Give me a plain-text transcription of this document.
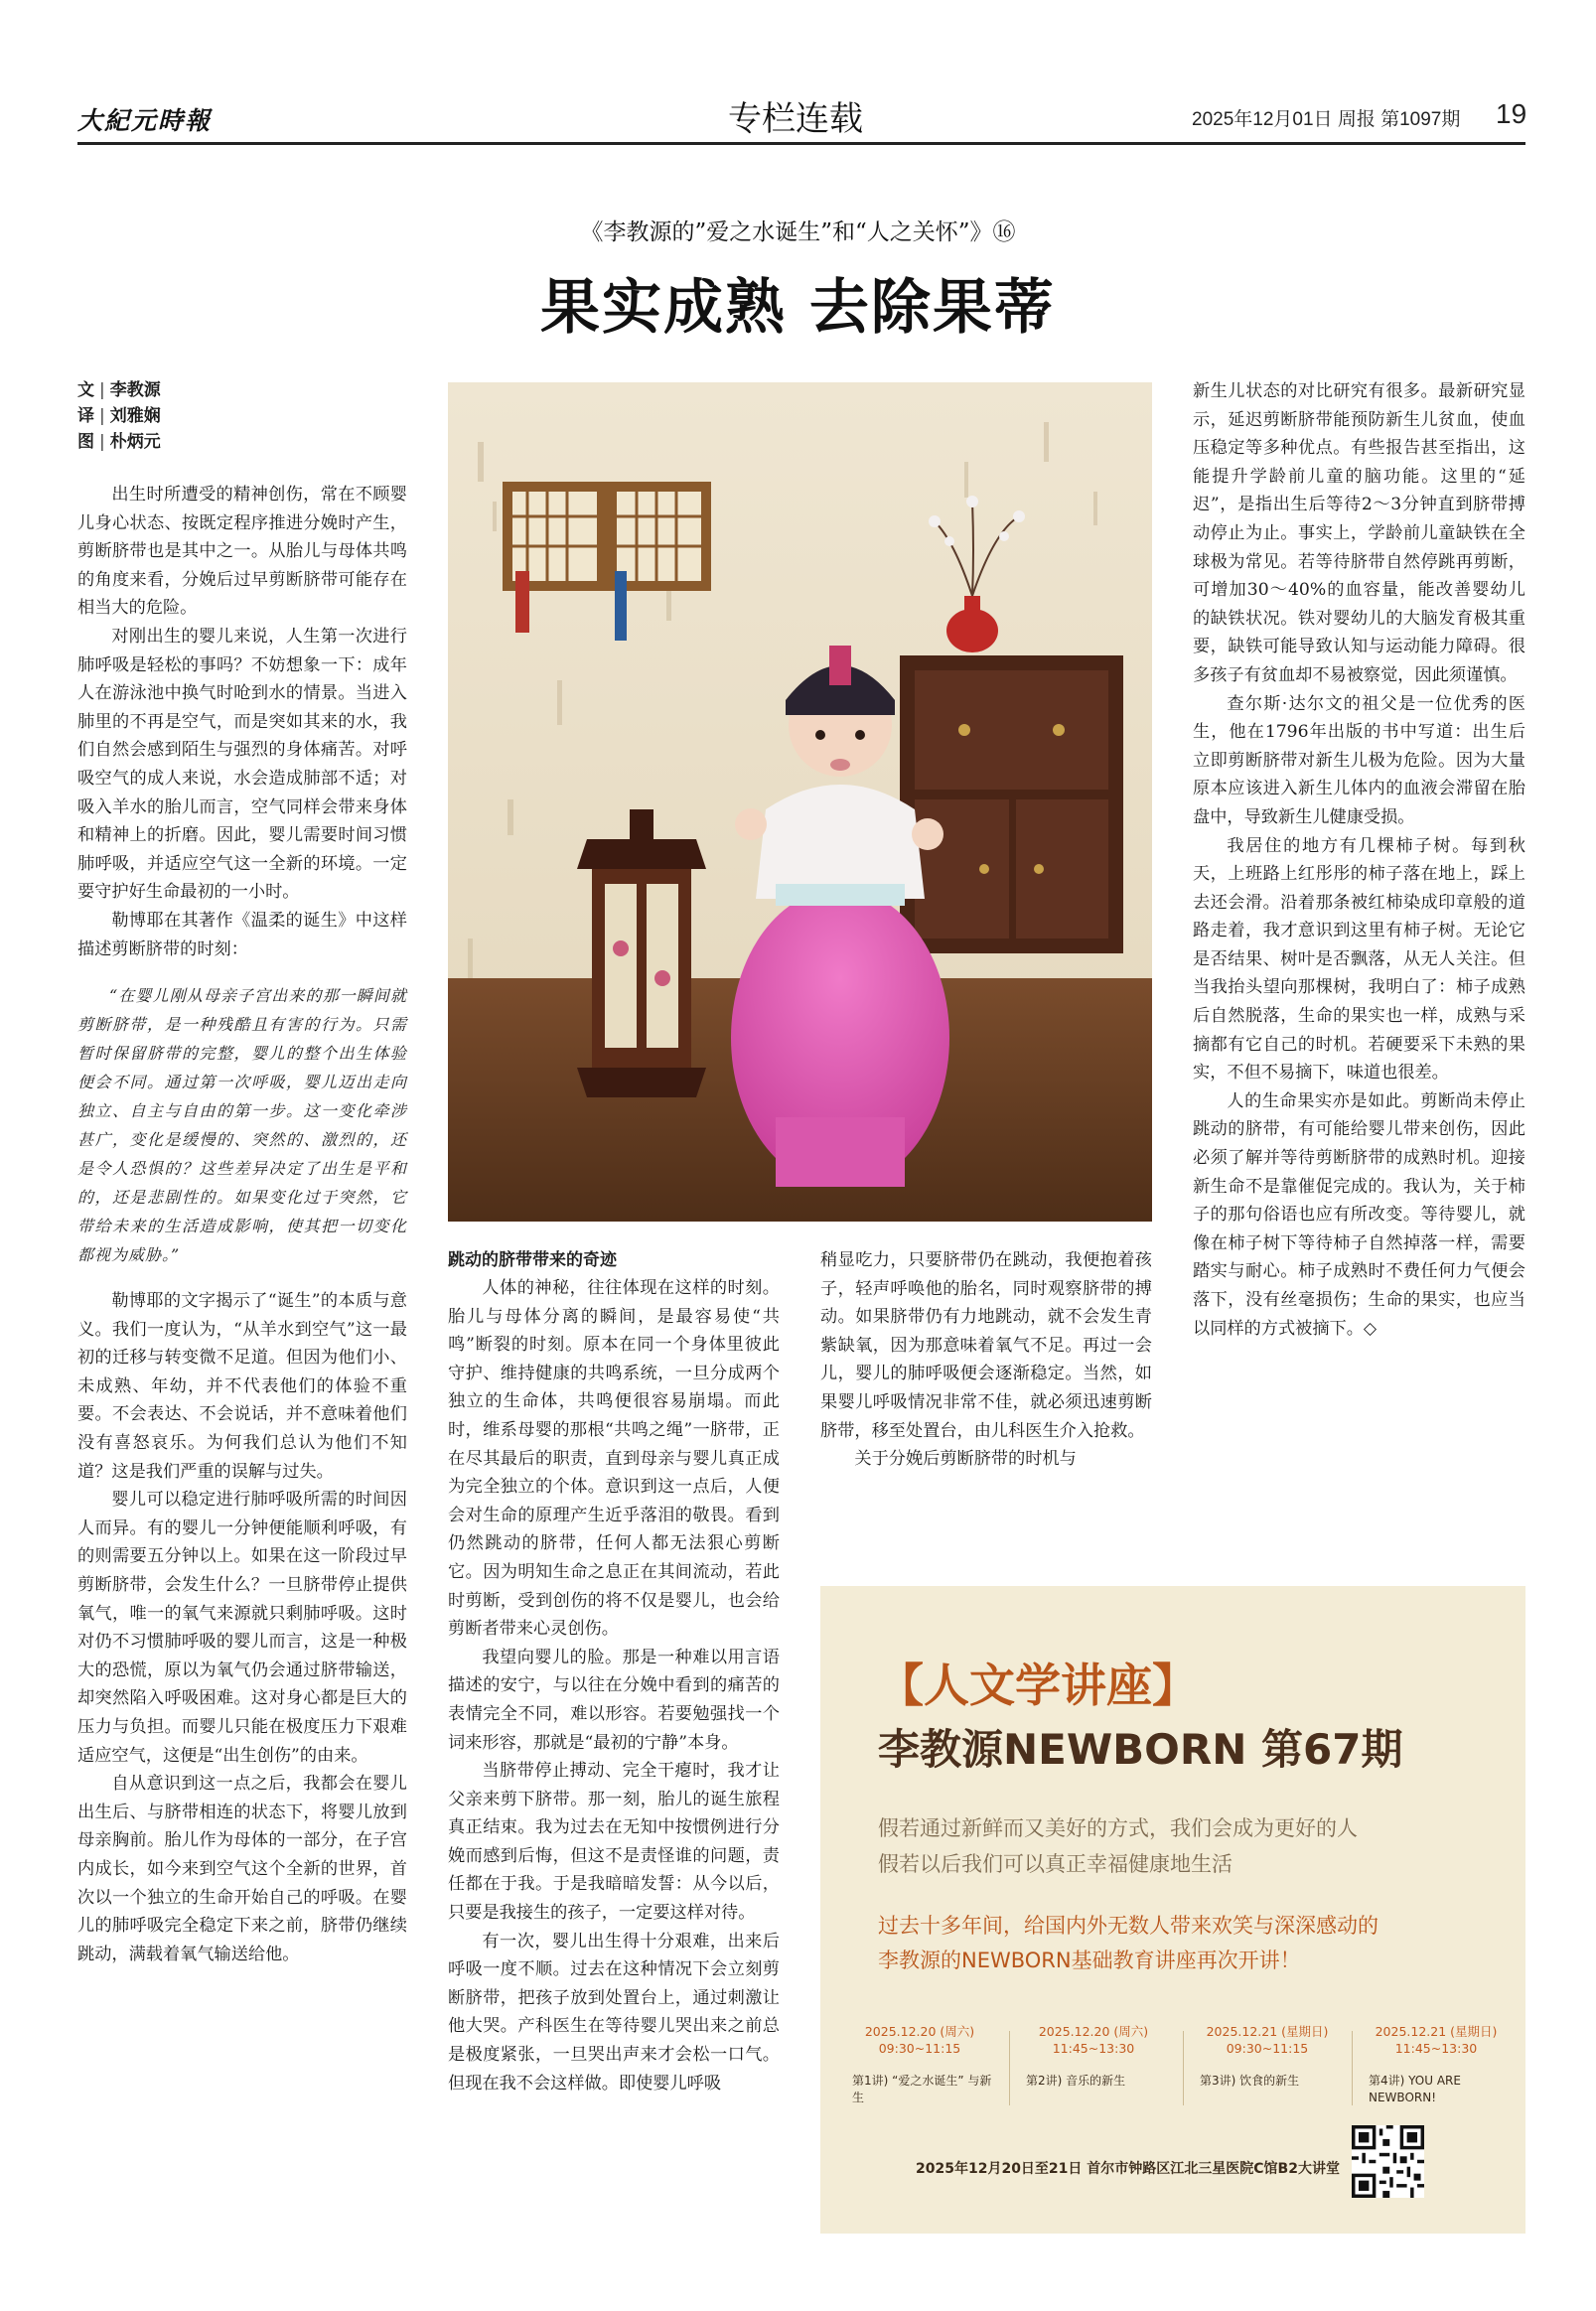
大紀元時報	专栏连载	2025年12月01日 周报 第1097期 19
《李教源的”爱之水诞生”和“人之关怀”》⑯
果实成熟 去除果蒂
文 | 李教源
译 | 刘雅娴
图 | 朴炳元

出生时所遭受的精神创伤，常在不顾婴儿身心状态、按既定程序推进分娩时产生，剪断脐带也是其中之一。从胎儿与母体共鸣的角度来看，分娩后过早剪断脐带可能存在相当大的危险。

对刚出生的婴儿来说，人生第一次进行肺呼吸是轻松的事吗？不妨想象一下：成年人在游泳池中换气时呛到水的情景。当进入肺里的不再是空气，而是突如其来的水，我们自然会感到陌生与强烈的身体痛苦。对呼吸空气的成人来说，水会造成肺部不适；对吸入羊水的胎儿而言，空气同样会带来身体和精神上的折磨。因此，婴儿需要时间习惯肺呼吸，并适应空气这一全新的环境。一定要守护好生命最初的一小时。

勒博耶在其著作《温柔的诞生》中这样描述剪断脐带的时刻：

“在婴儿刚从母亲子宫出来的那一瞬间就剪断脐带，是一种残酷且有害的行为。只需暂时保留脐带的完整，婴儿的整个出生体验便会不同。通过第一次呼吸，婴儿迈出走向独立、自主与自由的第一步。这一变化牵涉甚广，变化是缓慢的、突然的、激烈的，还是令人恐惧的？这些差异决定了出生是平和的，还是悲剧性的。如果变化过于突然，它带给未来的生活造成影响，使其把一切变化都视为威胁。”

勒博耶的文字揭示了“诞生”的本质与意义。我们一度认为，“从羊水到空气”这一最初的迁移与转变微不足道。但因为他们小、未成熟、年幼，并不代表他们的体验不重要。不会表达、不会说话，并不意味着他们没有喜怒哀乐。为何我们总认为他们不知道？这是我们严重的误解与过失。

婴儿可以稳定进行肺呼吸所需的时间因人而异。有的婴儿一分钟便能顺利呼吸，有的则需要五分钟以上。如果在这一阶段过早剪断脐带，会发生什么？一旦脐带停止提供氧气，唯一的氧气来源就只剩肺呼吸。这时对仍不习惯肺呼吸的婴儿而言，这是一种极大的恐慌，原以为氧气仍会通过脐带输送，却突然陷入呼吸困难。这对身心都是巨大的压力与负担。而婴儿只能在极度压力下艰难适应空气，这便是“出生创伤”的由来。

自从意识到这一点之后，我都会在婴儿出生后、与脐带相连的状态下，将婴儿放到母亲胸前。胎儿作为母体的一部分，在子宫内成长，如今来到空气这个全新的世界，首次以一个独立的生命开始自己的呼吸。在婴儿的肺呼吸完全稳定下来之前，脐带仍继续跳动，满载着氧气输送给他。

跳动的脐带带来的奇迹

人体的神秘，往往体现在这样的时刻。胎儿与母体分离的瞬间，是最容易使“共鸣”断裂的时刻。原本在同一个身体里彼此守护、维持健康的共鸣系统，一旦分成两个独立的生命体，共鸣便很容易崩塌。而此时，维系母婴的那根“共鸣之绳”一脐带，正在尽其最后的职责，直到母亲与婴儿真正成为完全独立的个体。意识到这一点后，人便会对生命的原理产生近乎落泪的敬畏。看到仍然跳动的脐带，任何人都无法狠心剪断它。因为明知生命之息正在其间流动，若此时剪断，受到创伤的将不仅是婴儿，也会给剪断者带来心灵创伤。

我望向婴儿的脸。那是一种难以用言语描述的安宁，与以往在分娩中看到的痛苦的表情完全不同，难以形容。若要勉强找一个词来形容，那就是“最初的宁静”本身。

当脐带停止搏动、完全干瘪时，我才让父亲来剪下脐带。那一刻，胎儿的诞生旅程真正结束。我为过去在无知中按惯例进行分娩而感到后悔，但这不是责怪谁的问题，责任都在于我。于是我暗暗发誓：从今以后，只要是我接生的孩子，一定要这样对待。

有一次，婴儿出生得十分艰难，出来后呼吸一度不顺。过去在这种情况下会立刻剪断脐带，把孩子放到处置台上，通过刺激让他大哭。产科医生在等待婴儿哭出来之前总是极度紧张，一旦哭出声来才会松一口气。但现在我不会这样做。即使婴儿呼吸

稍显吃力，只要脐带仍在跳动，我便抱着孩子，轻声呼唤他的胎名，同时观察脐带的搏动。如果脐带仍有力地跳动，就不会发生青紫缺氧，因为那意味着氧气不足。再过一会儿，婴儿的肺呼吸便会逐渐稳定。当然，如果婴儿呼吸情况非常不佳，就必须迅速剪断脐带，移至处置台，由儿科医生介入抢救。

关于分娩后剪断脐带的时机与

新生儿状态的对比研究有很多。最新研究显示，延迟剪断脐带能预防新生儿贫血，使血压稳定等多种优点。有些报告甚至指出，这能提升学龄前儿童的脑功能。这里的“延迟”，是指出生后等待2～3分钟直到脐带搏动停止为止。事实上，学龄前儿童缺铁在全球极为常见。若等待脐带自然停跳再剪断，可增加30～40%的血容量，能改善婴幼儿的缺铁状况。铁对婴幼儿的大脑发育极其重要，缺铁可能导致认知与运动能力障碍。很多孩子有贫血却不易被察觉，因此须谨慎。

查尔斯·达尔文的祖父是一位优秀的医生，他在1796年出版的书中写道：出生后立即剪断脐带对新生儿极为危险。因为大量原本应该进入新生儿体内的血液会滞留在胎盘中，导致新生儿健康受损。

我居住的地方有几棵柿子树。每到秋天，上班路上红彤彤的柿子落在地上，踩上去还会滑。沿着那条被红柿染成印章般的道路走着，我才意识到这里有柿子树。无论它是否结果、树叶是否飘落，从无人关注。但当我抬头望向那棵树，我明白了：柿子成熟后自然脱落，生命的果实也一样，成熟与采摘都有它自己的时机。若硬要采下未熟的果实，不但不易摘下，味道也很差。

人的生命果实亦是如此。剪断尚未停止跳动的脐带，有可能给婴儿带来创伤，因此必须了解并等待剪断脐带的成熟时机。迎接新生命不是靠催促完成的。我认为，关于柿子的那句俗语也应有所改变。等待婴儿，就像在柿子树下等待柿子自然掉落一样，需要踏实与耐心。柿子成熟时不费任何力气便会落下，没有丝毫损伤；生命的果实，也应当以同样的方式被摘下。◇

【人文学讲座】
李教源NEWBORN 第67期
假若通过新鲜而又美好的方式，我们会成为更好的人
假若以后我们可以真正幸福健康地生活
过去十多年间，给国内外无数人带来欢笑与深深感动的
李教源的NEWBORN基础教育讲座再次开讲！
2025.12.20 (周六)
09:30~11:15
第1讲) “爱之水诞生” 与新生
2025.12.20 (周六)
11:45~13:30
第2讲) 音乐的新生
2025.12.21 (星期日)
09:30~11:15
第3讲) 饮食的新生
2025.12.21 (星期日)
11:45~13:30
第4讲) YOU ARE NEWBORN!
2025年12月20日至21日 首尔市钟路区江北三星医院C馆B2大讲堂
